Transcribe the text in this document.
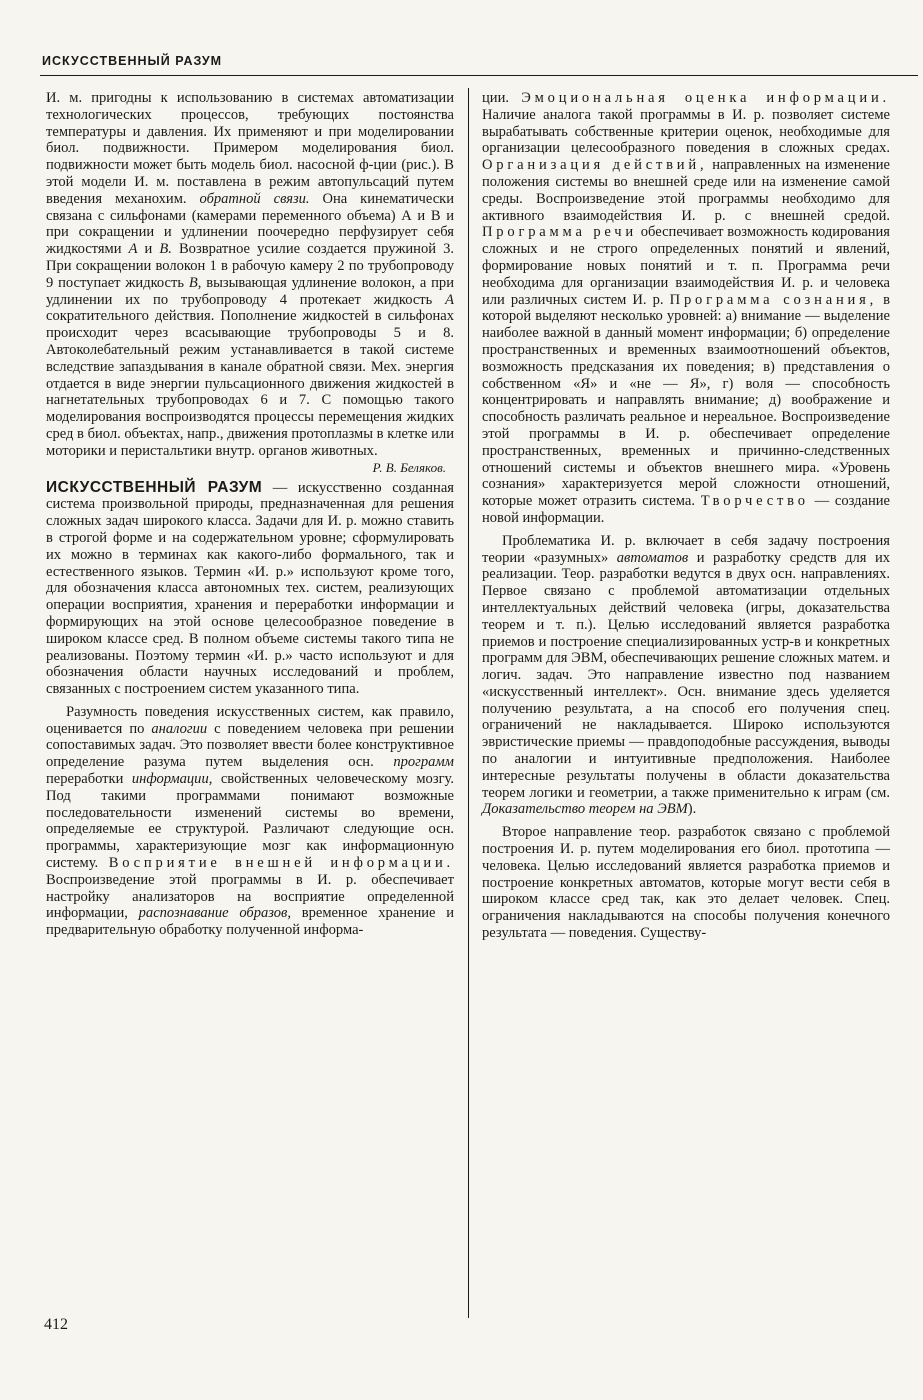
ИСКУССТВЕННЫЙ РАЗУМ

И. м. пригодны к использованию в системах автоматизации технологических процессов, требующих постоянства температуры и давления. Их применяют и при моделировании биол. подвижности. Примером моделирования биол. подвижности может быть модель биол. насосной ф-ции (рис.). В этой модели И. м. поставлена в режим автопульсаций путем введения механохим. обратной связи. Она кинематически связана с сильфонами (камерами переменного объема) А и В и при сокращении и удлинении поочередно перфузирует себя жидкостями А и В. Возвратное усилие создается пружиной 3. При сокращении волокон 1 в рабочую камеру 2 по трубопроводу 9 поступает жидкость В, вызывающая удлинение волокон, а при удлинении их по трубопроводу 4 протекает жидкость А сократительного действия. Пополнение жидкостей в сильфонах происходит через всасывающие трубопроводы 5 и 8. Автоколебательный режим устанавливается в такой системе вследствие запаздывания в канале обратной связи. Мех. энергия отдается в виде энергии пульсационного движения жидкостей в нагнетательных трубопроводах 6 и 7. С помощью такого моделирования воспроизводятся процессы перемещения жидких сред в биол. объектах, напр., движения протоплазмы в клетке или моторики и перистальтики внутр. органов животных.

Р. В. Беляков.

ИСКУССТВЕННЫЙ РАЗУМ — искусственно созданная система произвольной природы, предназначенная для решения сложных задач широкого класса. Задачи для И. р. можно ставить в строгой форме и на содержательном уровне; сформулировать их можно в терминах как какого-либо формального, так и естественного языков. Термин «И. р.» используют кроме того, для обозначения класса автономных тех. систем, реализующих операции восприятия, хранения и переработки информации и формирующих на этой основе целесообразное поведение в широком классе сред. В полном объеме системы такого типа не реализованы. Поэтому термин «И. р.» часто используют и для обозначения области научных исследований и проблем, связанных с построением систем указанного типа.

Разумность поведения искусственных систем, как правило, оценивается по аналогии с поведением человека при решении сопоставимых задач. Это позволяет ввести более конструктивное определение разума путем выделения осн. программ переработки информации, свойственных человеческому мозгу. Под такими программами понимают возможные последовательности изменений системы во времени, определяемые ее структурой. Различают следующие осн. программы, характеризующие мозг как информационную систему. Восприятие внешней информации. Воспроизведение этой программы в И. р. обеспечивает настройку анализаторов на восприятие определенной информации, распознавание образов, временное хранение и предварительную обработку полученной информа-

ции. Эмоциональная оценка информации. Наличие аналога такой программы в И. р. позволяет системе вырабатывать собственные критерии оценок, необходимые для организации целесообразного поведения в сложных средах. Организация действий, направленных на изменение положения системы во внешней среде или на изменение самой среды. Воспроизведение этой программы необходимо для активного взаимодействия И. р. с внешней средой. Программа речи обеспечивает возможность кодирования сложных и не строго определенных понятий и явлений, формирование новых понятий и т. п. Программа речи необходима для организации взаимодействия И. р. и человека или различных систем И. р. Программа сознания, в которой выделяют несколько уровней: а) внимание — выделение наиболее важной в данный момент информации; б) определение пространственных и временных взаимоотношений объектов, возможность предсказания их поведения; в) представления о собственном «Я» и «не — Я», г) воля — способность концентрировать и направлять внимание; д) воображение и способность различать реальное и нереальное. Воспроизведение этой программы в И. р. обеспечивает определение пространственных, временных и причинно-следственных отношений системы и объектов внешнего мира. «Уровень сознания» характеризуется мерой сложности отношений, которые может отразить система. Творчество — создание новой информации.

Проблематика И. р. включает в себя задачу построения теории «разумных» автоматов и разработку средств для их реализации. Теор. разработки ведутся в двух осн. направлениях. Первое связано с проблемой автоматизации отдельных интеллектуальных действий человека (игры, доказательства теорем и т. п.). Целью исследований является разработка приемов и построение специализированных устр-в и конкретных программ для ЭВМ, обеспечивающих решение сложных матем. и логич. задач. Это направление известно под названием «искусственный интеллект». Осн. внимание здесь уделяется получению результата, а на способ его получения спец. ограничений не накладывается. Широко используются эвристические приемы — правдоподобные рассуждения, выводы по аналогии и интуитивные предположения. Наиболее интересные результаты получены в области доказательства теорем логики и геометрии, а также применительно к играм (см. Доказательство теорем на ЭВМ).

Второе направление теор. разработок связано с проблемой построения И. р. путем моделирования его биол. прототипа — человека. Целью исследований является разработка приемов и построение конкретных автоматов, которые могут вести себя в широком классе сред так, как это делает человек. Спец. ограничения накладываются на способы получения конечного результата — поведения. Существу-

412
